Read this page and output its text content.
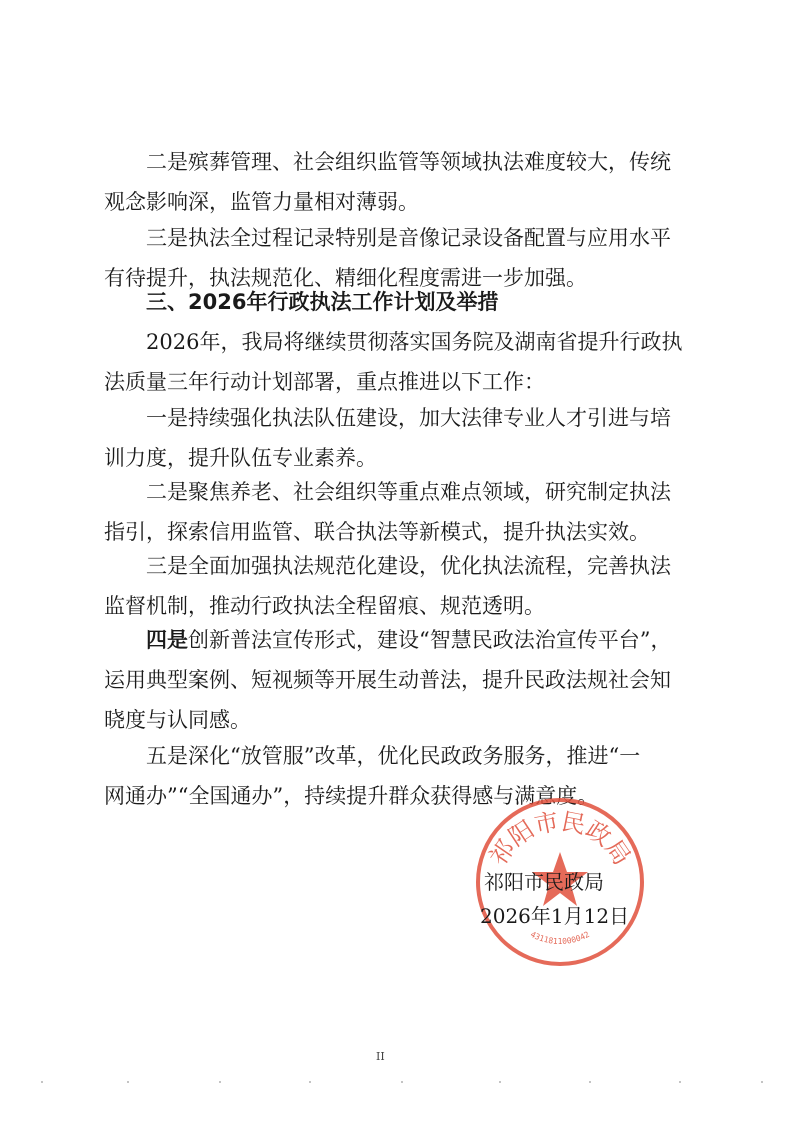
二是殡葬管理、社会组织监管等领域执法难度较大，传统
观念影响深，监管力量相对薄弱。

三是执法全过程记录特别是音像记录设备配置与应用水平
有待提升，执法规范化、精细化程度需进一步加强。

三、2026年行政执法工作计划及举措

2026年，我局将继续贯彻落实国务院及湖南省提升行政执
法质量三年行动计划部署，重点推进以下工作：

一是持续强化执法队伍建设，加大法律专业人才引进与培
训力度，提升队伍专业素养。

二是聚焦养老、社会组织等重点难点领域，研究制定执法
指引，探索信用监管、联合执法等新模式，提升执法实效。

三是全面加强执法规范化建设，优化执法流程，完善执法
监督机制，推动行政执法全程留痕、规范透明。

四是创新普法宣传形式，建设“智慧民政法治宣传平台”，
运用典型案例、短视频等开展生动普法，提升民政法规社会知
晓度与认同感。

五是深化“放管服”改革，优化民政政务服务，推进“一
网通办”“全国通办”，持续提升群众获得感与满意度。

祁阳市民政局
4311811000042
祁阳市民政局
2026年1月12日
II
